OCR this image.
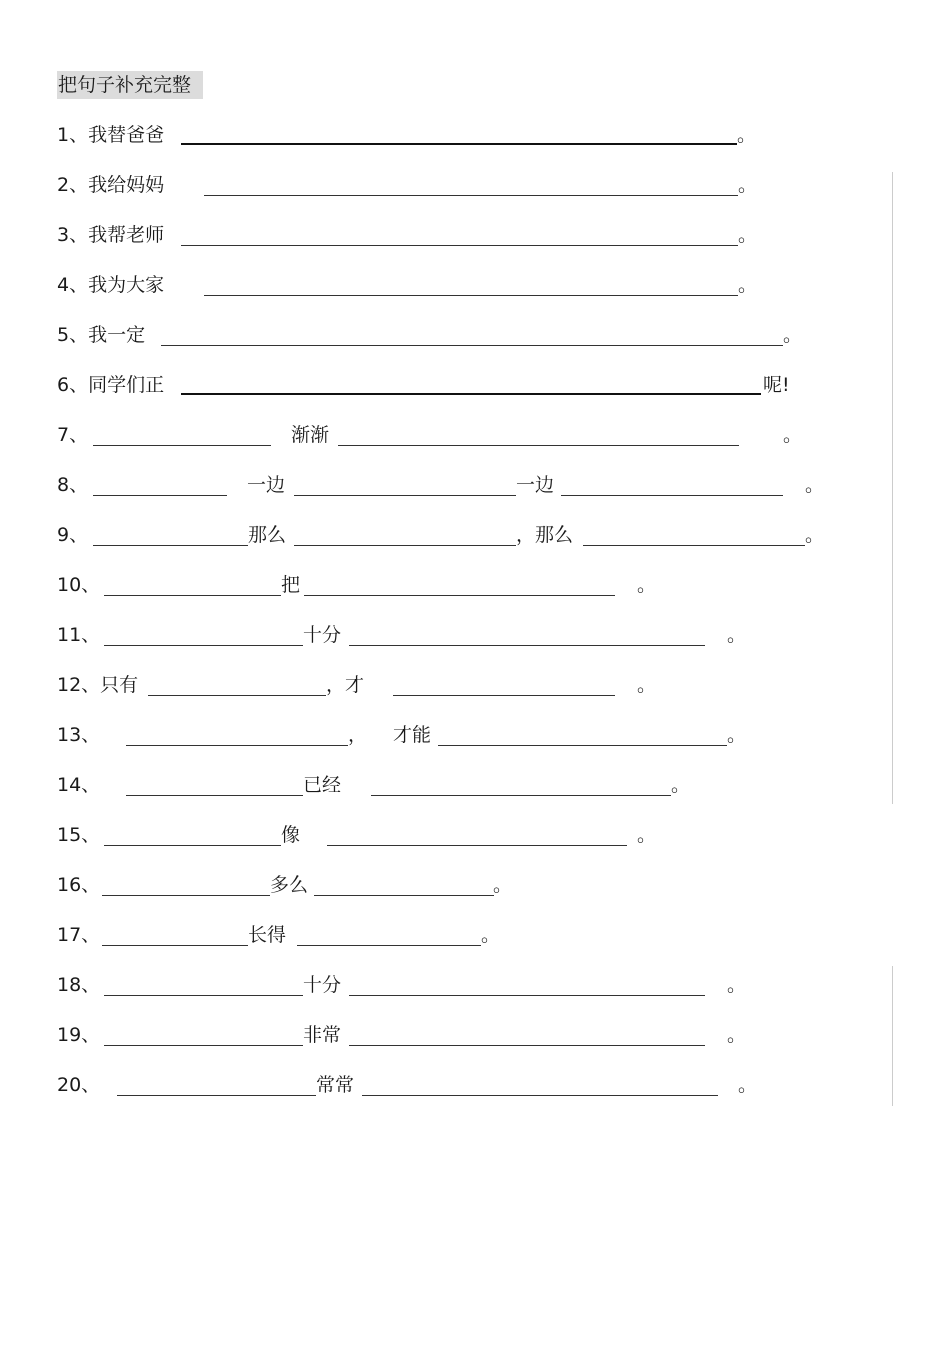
把句子补充完整
1、我替爸爸	。
2、我给妈妈	。
3、我帮老师	。
4、我为大家	。
5、我一定	。
6、同学们正	呢!
7、	渐渐	。
8、	一边	一边	。
9、	那么	，那么	。
10、	把	。
11、	十分	。
12、只有	，才	。
13、	， 才能	。
14、	已经	。
15、	像	。
16、	多么	。
17、	长得	。
18、	十分	。
19、	非常	。
20、	常常	。
